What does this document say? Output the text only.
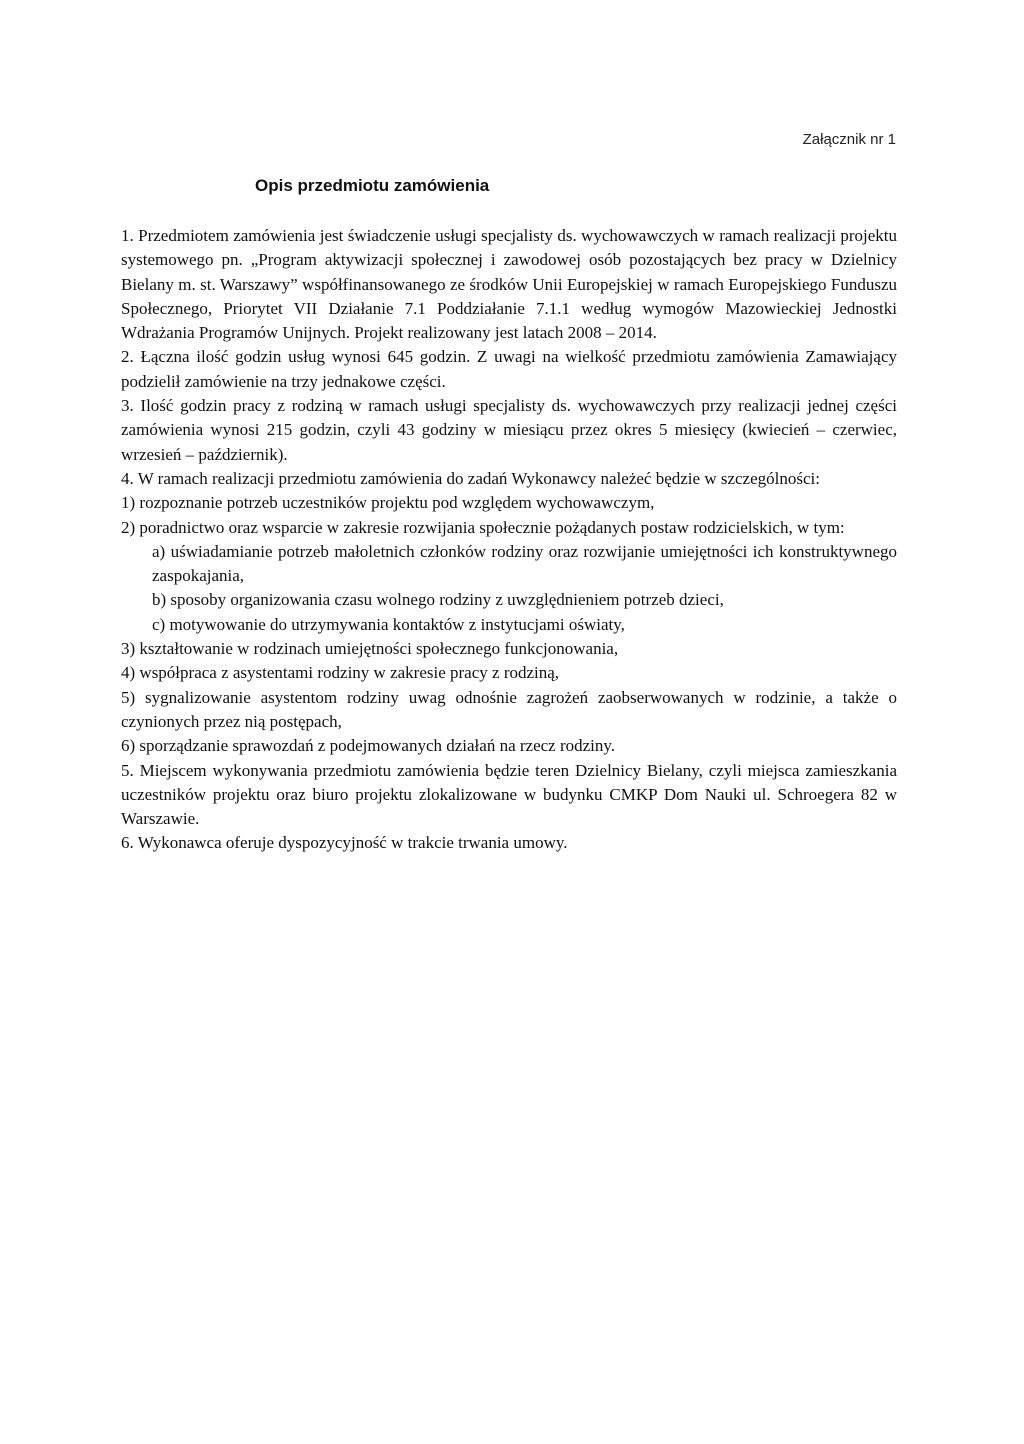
Załącznik nr 1
Opis przedmiotu zamówienia

1. Przedmiotem zamówienia jest świadczenie usługi specjalisty ds. wychowawczych w ramach realizacji projektu systemowego pn. „Program aktywizacji społecznej i zawodowej osób pozostających bez pracy w Dzielnicy Bielany m. st. Warszawy” współfinansowanego ze środków Unii Europejskiej w ramach Europejskiego Funduszu Społecznego, Priorytet VII Działanie 7.1 Poddziałanie 7.1.1 według wymogów Mazowieckiej Jednostki Wdrażania Programów Unijnych. Projekt realizowany jest latach 2008 – 2014.

2. Łączna ilość godzin usług wynosi 645 godzin. Z uwagi na wielkość przedmiotu zamówienia Zamawiający podzielił zamówienie na trzy jednakowe części.

3. Ilość godzin pracy z rodziną w ramach usługi specjalisty ds. wychowawczych przy realizacji jednej części zamówienia wynosi 215 godzin, czyli 43 godziny w miesiącu przez okres 5 miesięcy (kwiecień – czerwiec, wrzesień – październik).

4. W ramach realizacji przedmiotu zamówienia do zadań Wykonawcy należeć będzie w szczególności:

1) rozpoznanie potrzeb uczestników projektu pod względem wychowawczym,

2) poradnictwo oraz wsparcie w zakresie rozwijania społecznie pożądanych postaw rodzicielskich, w tym:

a) uświadamianie potrzeb małoletnich członków rodziny oraz rozwijanie umiejętności ich konstruktywnego zaspokajania,

b) sposoby organizowania czasu wolnego rodziny z uwzględnieniem potrzeb dzieci,

c) motywowanie do utrzymywania kontaktów z instytucjami oświaty,

3) kształtowanie w rodzinach umiejętności społecznego funkcjonowania,

4) współpraca z asystentami rodziny w zakresie pracy z rodziną,

5) sygnalizowanie asystentom rodziny uwag odnośnie zagrożeń zaobserwowanych w rodzinie, a także o czynionych przez nią postępach,

6) sporządzanie sprawozdań z podejmowanych działań na rzecz rodziny.

5. Miejscem wykonywania przedmiotu zamówienia będzie teren Dzielnicy Bielany, czyli miejsca zamieszkania uczestników projektu oraz biuro projektu zlokalizowane w budynku CMKP Dom Nauki ul. Schroegera 82 w Warszawie.

6. Wykonawca oferuje dyspozycyjność w trakcie trwania umowy.
